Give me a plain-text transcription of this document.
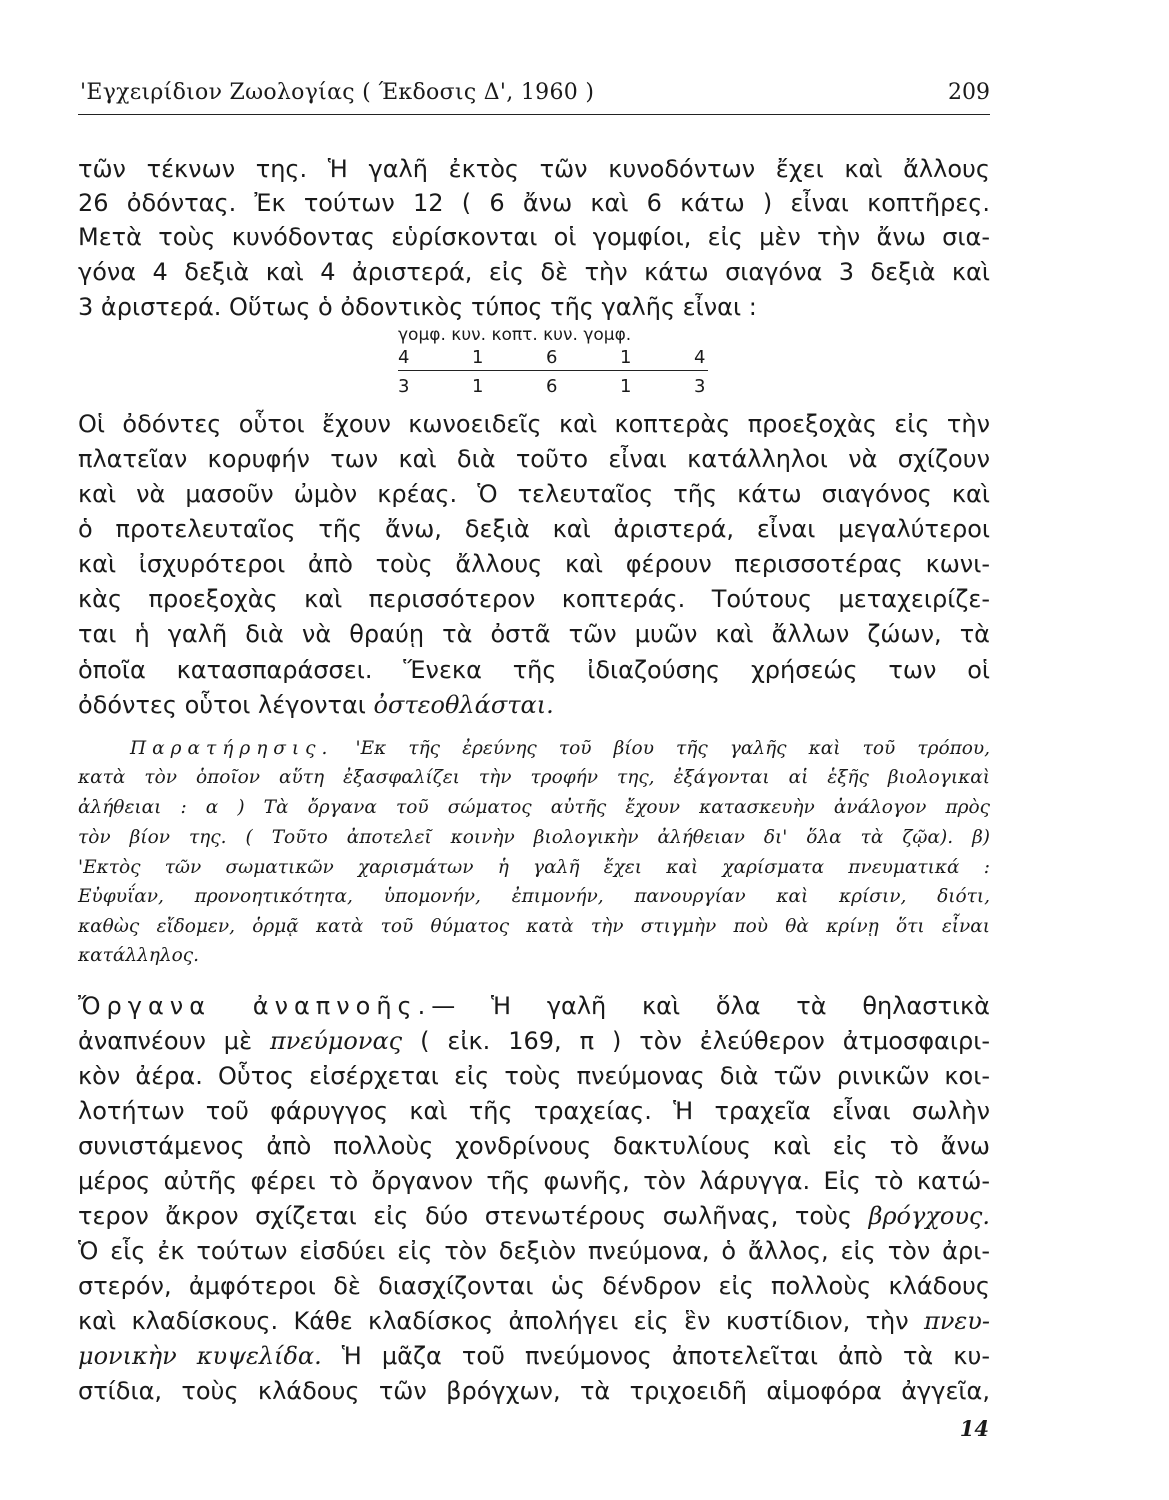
'Εγχειρίδιον Ζωολογίας ( Έκδοσις Δ', 1960 )	209
τῶν τέκνων της. Ἡ γαλῆ ἐκτὸς τῶν κυνοδόντων ἔχει καὶ ἄλλους
26 ὀδόντας. Ἐκ τούτων 12 ( 6 ἄνω καὶ 6 κάτω ) εἶναι κοπτῆρες.
Μετὰ τοὺς κυνόδοντας εὑρίσκονται οἱ γομφίοι, εἰς μὲν τὴν ἄνω σια-
γόνα 4 δεξιὰ καὶ 4 ἀριστερά, εἰς δὲ τὴν κάτω σιαγόνα 3 δεξιὰ καὶ
3 ἀριστερά. Οὕτως ὁ ὀδοντικὸς τύπος τῆς γαλῆς εἶναι :
γομφ. κυν. κοπτ. κυν. γομφ.
4	1	6	1	4
3	1	6	1	3
Οἱ ὀδόντες οὗτοι ἔχουν κωνοειδεῖς καὶ κοπτερὰς προεξοχὰς εἰς τὴν
πλατεῖαν κορυφήν των καὶ διὰ τοῦτο εἶναι κατάλληλοι νὰ σχίζουν
καὶ νὰ μασοῦν ὠμὸν κρέας. Ὁ τελευταῖος τῆς κάτω σιαγόνος καὶ
ὁ προτελευταῖος τῆς ἄνω, δεξιὰ καὶ ἀριστερά, εἶναι μεγαλύτεροι
καὶ ἰσχυρότεροι ἀπὸ τοὺς ἄλλους καὶ φέρουν περισσοτέρας κωνι-
κὰς προεξοχὰς καὶ περισσότερον κοπτεράς. Τούτους μεταχειρίζε-
ται ἡ γαλῆ διὰ νὰ θραύῃ τὰ ὀστᾶ τῶν μυῶν καὶ ἄλλων ζώων, τὰ
ὁποῖα κατασπαράσσει. Ἕνεκα τῆς ἰδιαζούσης χρήσεώς των οἱ
ὀδόντες οὗτοι λέγονται ὀστεοθλάσται.
Παρατήρησις. 'Εκ τῆς ἐρεύνης τοῦ βίου τῆς γαλῆς καὶ τοῦ τρόπου,
κατὰ τὸν ὁποῖον αὕτη ἐξασφαλίζει τὴν τροφήν της, ἐξάγονται αἱ ἑξῆς βιολογικαὶ
ἀλήθειαι : α ) Τὰ ὄργανα τοῦ σώματος αὐτῆς ἔχουν κατασκευὴν ἀνάλογον πρὸς
τὸν βίον της. ( Τοῦτο ἀποτελεῖ κοινὴν βιολογικὴν ἀλήθειαν δι' ὅλα τὰ ζῷα). β)
'Εκτὸς τῶν σωματικῶν χαρισμάτων ἡ γαλῆ ἔχει καὶ χαρίσματα πνευματικά :
Εὐφυΐαν, προνοητικότητα, ὑπομονήν, ἐπιμονήν, πανουργίαν καὶ κρίσιν, διότι,
καθὼς εἴδομεν, ὁρμᾷ κατὰ τοῦ θύματος κατὰ τὴν στιγμὴν ποὺ θὰ κρίνῃ ὅτι εἶναι
κατάλληλος.
Ὄργανα ἀναπνοῆς.— Ἡ γαλῆ καὶ ὅλα τὰ θηλαστικὰ
ἀναπνέουν μὲ πνεύμονας ( εἰκ. 169, π ) τὸν ἐλεύθερον ἀτμοσφαιρι-
κὸν ἀέρα. Οὗτος εἰσέρχεται εἰς τοὺς πνεύμονας διὰ τῶν ρινικῶν κοι-
λοτήτων τοῦ φάρυγγος καὶ τῆς τραχείας. Ἡ τραχεῖα εἶναι σωλὴν
συνιστάμενος ἀπὸ πολλοὺς χονδρίνους δακτυλίους καὶ εἰς τὸ ἄνω
μέρος αὐτῆς φέρει τὸ ὄργανον τῆς φωνῆς, τὸν λάρυγγα. Εἰς τὸ κατώ-
τερον ἄκρον σχίζεται εἰς δύο στενωτέρους σωλῆνας, τοὺς βρόγχους.
Ὁ εἷς ἐκ τούτων εἰσδύει εἰς τὸν δεξιὸν πνεύμονα, ὁ ἄλλος, εἰς τὸν ἀρι-
στερόν, ἀμφότεροι δὲ διασχίζονται ὡς δένδρον εἰς πολλοὺς κλάδους
καὶ κλαδίσκους. Κάθε κλαδίσκος ἀπολήγει εἰς ἓν κυστίδιον, τὴν πνευ-
μονικὴν κυψελίδα. Ἡ μᾶζα τοῦ πνεύμονος ἀποτελεῖται ἀπὸ τὰ κυ-
στίδια, τοὺς κλάδους τῶν βρόγχων, τὰ τριχοειδῆ αἱμοφόρα ἀγγεῖα,
14
